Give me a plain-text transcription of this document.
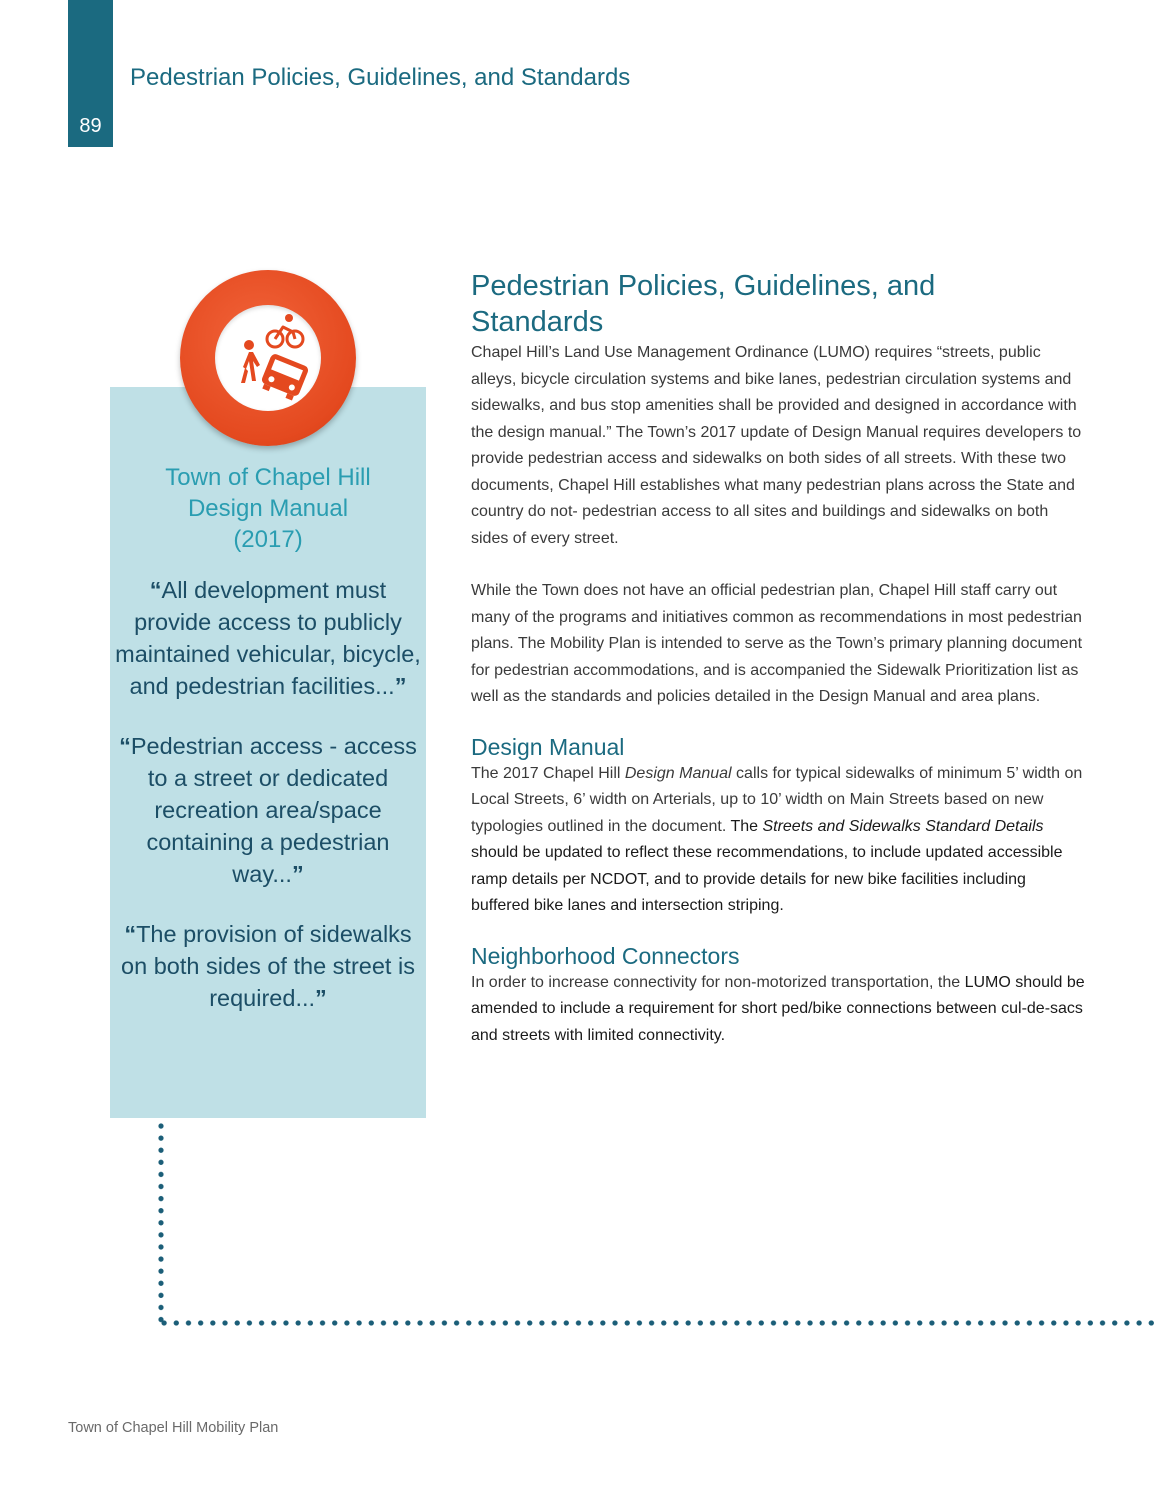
89
Pedestrian Policies, Guidelines, and Standards
Town of Chapel Hill
Design Manual
(2017)
“All development must provide access to publicly maintained vehicular, bicycle, and pedestrian facilities...”
“Pedestrian access - access to a street or dedicated recreation area/space containing a pedestrian way...”
“The provision of sidewalks on both sides of the street is required...”
Pedestrian Policies, Guidelines, and
Standards

Chapel Hill’s Land Use Management Ordinance (LUMO) requires “streets, public alleys, bicycle circulation systems and bike lanes, pedestrian circulation systems and sidewalks, and bus stop amenities shall be provided and designed in accordance with the design manual.” The Town’s 2017 update of Design Manual requires developers to provide pedestrian access and sidewalks on both sides of all streets. With these two documents, Chapel Hill establishes what many pedestrian plans across the State and country do not- pedestrian access to all sites and buildings and sidewalks on both sides of every street.

While the Town does not have an official pedestrian plan, Chapel Hill staff carry out many of the programs and initiatives common as recommendations in most pedestrian plans. The Mobility Plan is intended to serve as the Town’s primary planning document for pedestrian accommodations, and is accompanied the Sidewalk Prioritization list as well as the standards and policies detailed in the Design Manual and area plans.

Design Manual

The 2017 Chapel Hill Design Manual calls for typical sidewalks of minimum 5’ width on Local Streets, 6’ width on Arterials, up to 10’ width on Main Streets based on new typologies outlined in the document. The Streets and Sidewalks Standard Details should be updated to reflect these recommendations, to include updated accessible ramp details per NCDOT, and to provide details for new bike facilities including buffered bike lanes and intersection striping.

Neighborhood Connectors

In order to increase connectivity for non-motorized transportation, the LUMO should be amended to include a requirement for short ped/bike connections between cul-de-sacs and streets with limited connectivity.

Town of Chapel Hill Mobility Plan
